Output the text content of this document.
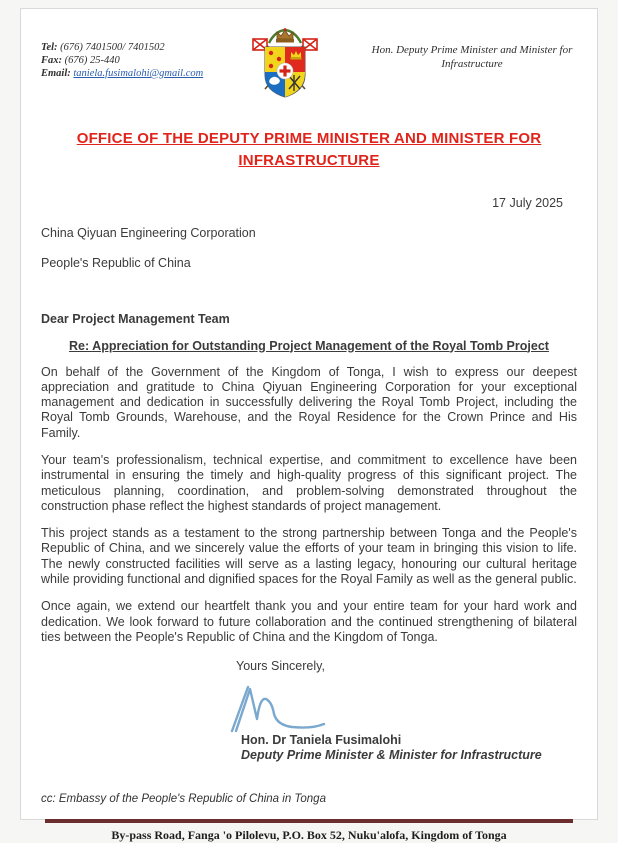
Tel: (676) 7401500/ 7401502
Fax: (676) 25-440
Email: taniela.fusimalohi@gmail.com
Hon. Deputy Prime Minister and Minister for Infrastructure
OFFICE OF THE DEPUTY PRIME MINISTER AND MINISTER FOR INFRASTRUCTURE
17 July 2025
China Qiyuan Engineering Corporation
People's Republic of China
Dear Project Management Team
Re: Appreciation for Outstanding Project Management of the Royal Tomb Project
On behalf of the Government of the Kingdom of Tonga, I wish to express our deepest appreciation and gratitude to China Qiyuan Engineering Corporation for your exceptional management and dedication in successfully delivering the Royal Tomb Project, including the Royal Tomb Grounds, Warehouse, and the Royal Residence for the Crown Prince and His Family.
Your team's professionalism, technical expertise, and commitment to excellence have been instrumental in ensuring the timely and high-quality progress of this significant project. The meticulous planning, coordination, and problem-solving demonstrated throughout the construction phase reflect the highest standards of project management.
This project stands as a testament to the strong partnership between Tonga and the People's Republic of China, and we sincerely value the efforts of your team in bringing this vision to life. The newly constructed facilities will serve as a lasting legacy, honouring our cultural heritage while providing functional and dignified spaces for the Royal Family as well as the general public.
Once again, we extend our heartfelt thank you and your entire team for your hard work and dedication. We look forward to future collaboration and the continued strengthening of bilateral ties between the People's Republic of China and the Kingdom of Tonga.
Yours Sincerely,
Hon. Dr Taniela Fusimalohi
Deputy Prime Minister & Minister for Infrastructure
cc: Embassy of the People's Republic of China in Tonga
By-pass Road, Fanga 'o Pilolevu, P.O. Box 52, Nuku'alofa, Kingdom of Tonga
